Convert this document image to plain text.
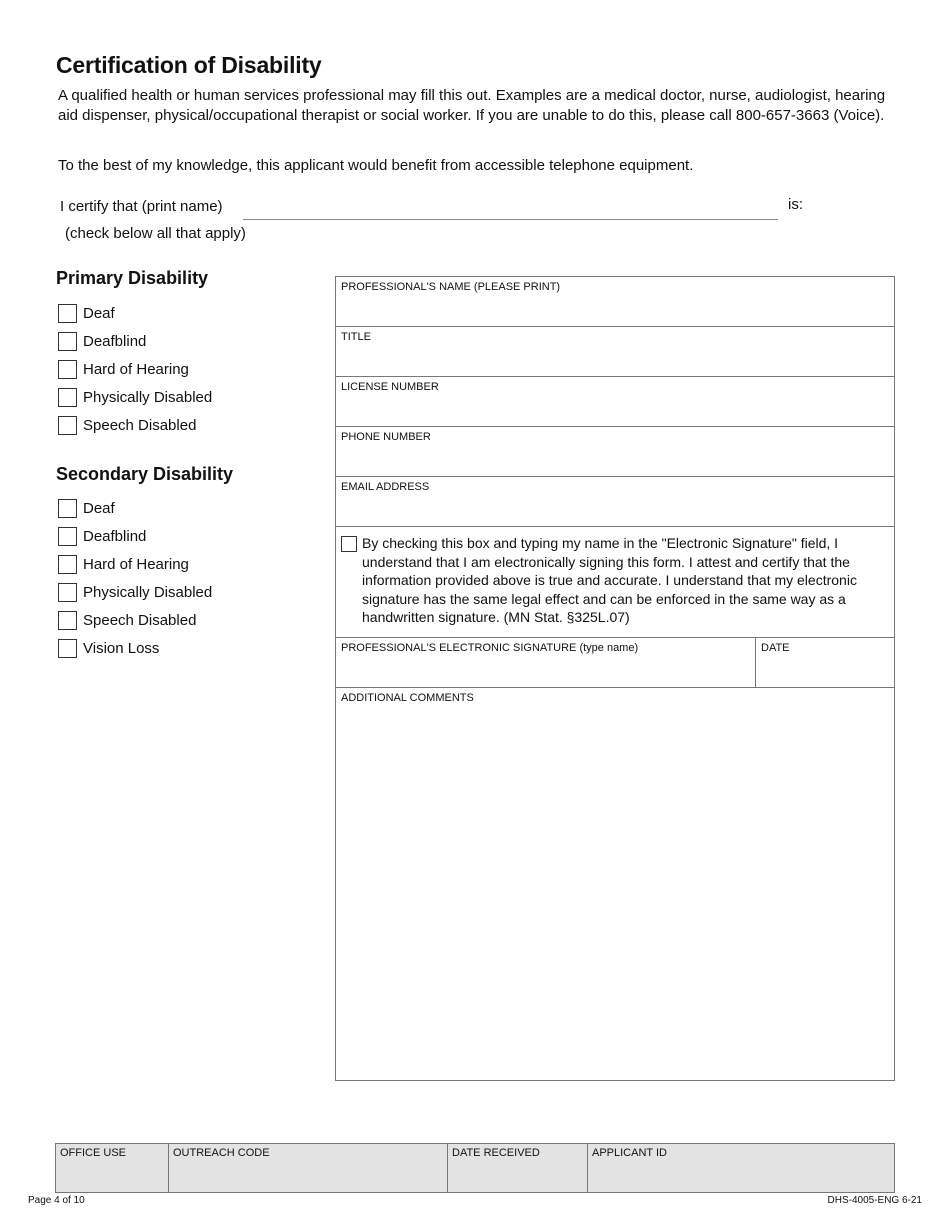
Certification of Disability

A qualified health or human services professional may fill this out. Examples are a medical doctor, nurse, audiologist, hearing aid dispenser, physical/occupational therapist or social worker. If you are unable to do this, please call 800-657-3663 (Voice).

To the best of my knowledge, this applicant would benefit from accessible telephone equipment.

I certify that (print name)	is:
(check below all that apply)
Primary Disability
Deaf
Deafblind
Hard of Hearing
Physically Disabled
Speech Disabled
Secondary Disability
Deaf
Deafblind
Hard of Hearing
Physically Disabled
Speech Disabled
Vision Loss
PROFESSIONAL'S NAME (PLEASE PRINT)
TITLE
LICENSE NUMBER
PHONE NUMBER
EMAIL ADDRESS

By checking this box and typing my name in the "Electronic Signature" field, I understand that I am electronically signing this form. I attest and certify that the information provided above is true and accurate. I understand that my electronic signature has the same legal effect and can be enforced in the same way as a handwritten signature. (MN Stat. §325L.07)

PROFESSIONAL'S ELECTRONIC SIGNATURE (type name)	DATE
ADDITIONAL COMMENTS
OFFICE USE	OUTREACH CODE	DATE RECEIVED	APPLICANT ID
Page 4 of 10	DHS-4005-ENG 6-21
